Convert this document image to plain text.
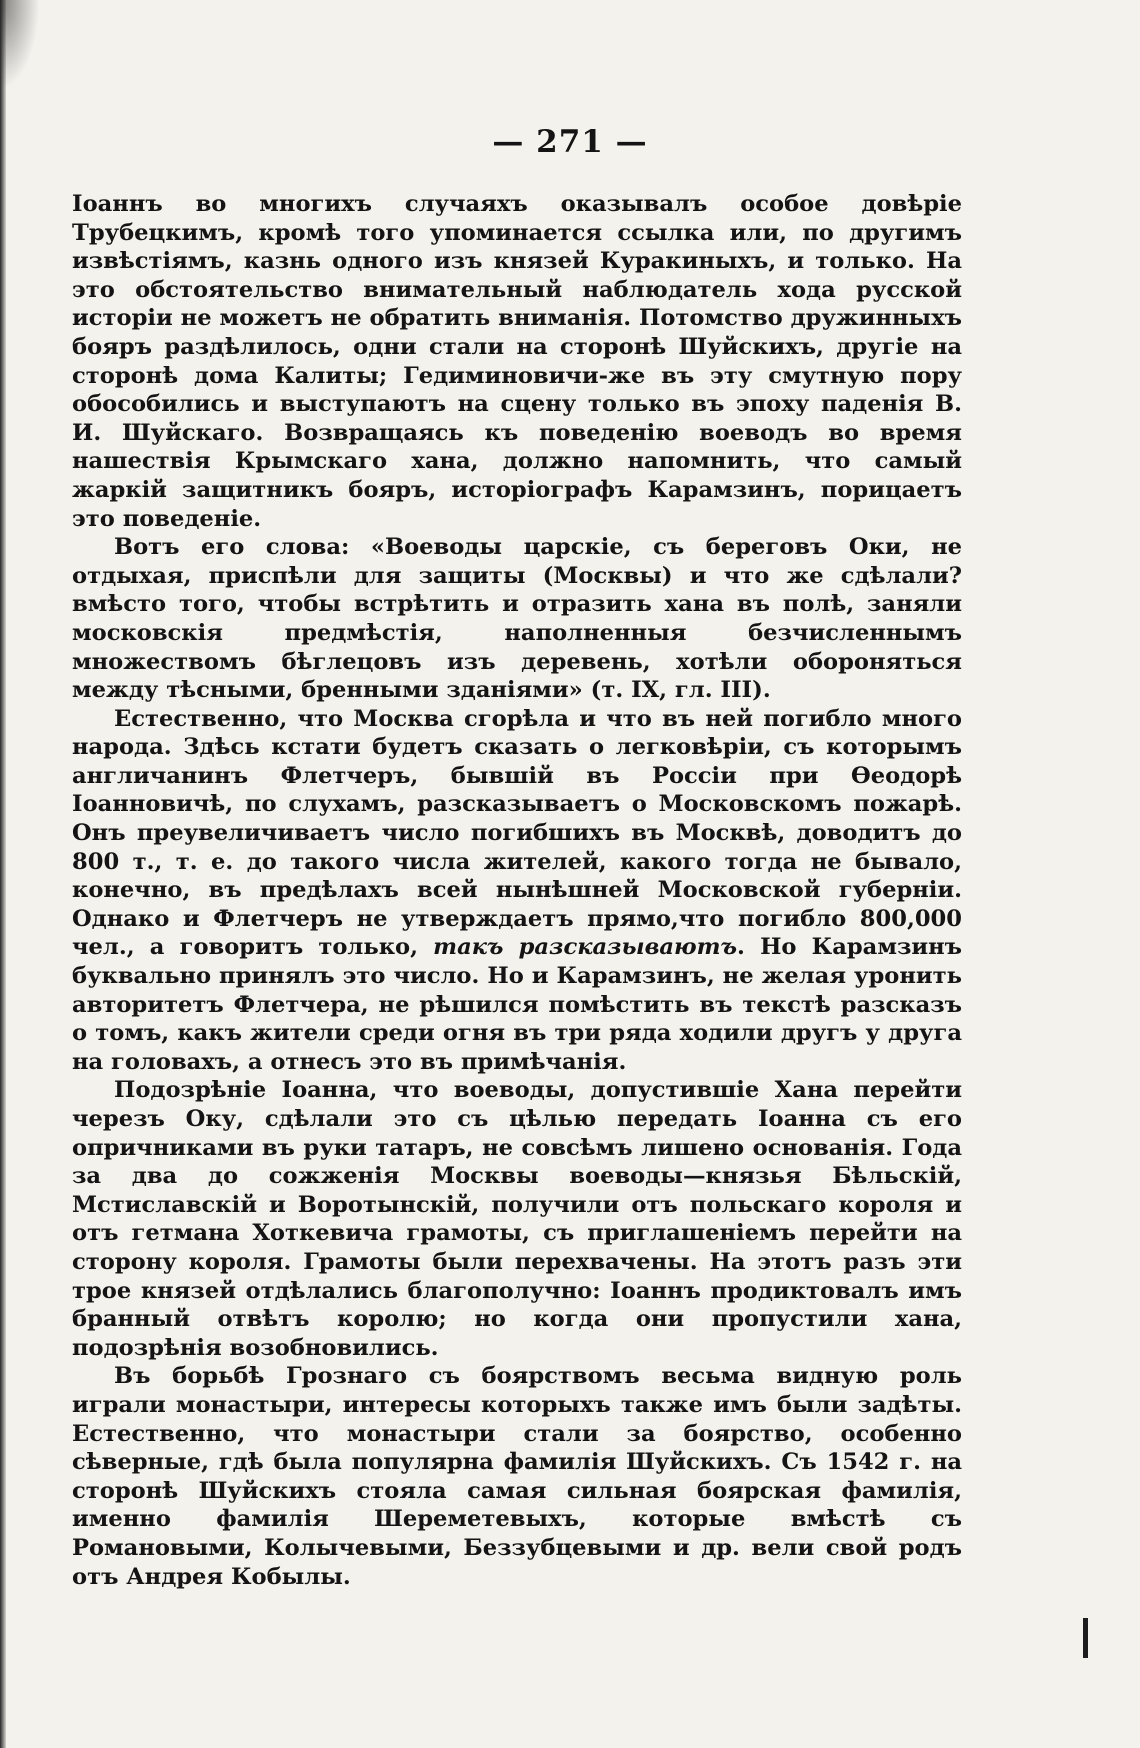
— 271 —

Іоаннъ во многихъ случаяхъ оказывалъ особое довѣріе Трубецкимъ, кромѣ того упоминается ссылка или, по другимъ извѣстіямъ, казнь одного изъ князей Куракиныхъ, и только. На это обстоятельство внимательный наблюдатель хода русской исторіи не можетъ не обратить вниманія. Потомство дружинныхъ бояръ раздѣлилось, одни стали на сторонѣ Шуйскихъ, другіе на сторонѣ дома Калиты; Гедиминовичи-же въ эту смутную пору обособились и выступаютъ на сцену только въ эпоху паденія В. И. Шуйскаго. Возвращаясь къ поведенію воеводъ во время нашествія Крымскаго хана, должно напомнить, что самый жаркій защитникъ бояръ, исторіографъ Карамзинъ, порицаетъ это поведеніе.

Вотъ его слова: «Воеводы царскіе, съ береговъ Оки, не отдыхая, приспѣли для защиты (Москвы) и что же сдѣлали? вмѣсто того, чтобы встрѣтить и отразить хана въ полѣ, заняли московскія предмѣстія, наполненныя безчисленнымъ множествомъ бѣглецовъ изъ деревень, хотѣли обороняться между тѣсными, бренными зданіями» (т. IX, гл. III).

Естественно, что Москва сгорѣла и что въ ней погибло много народа. Здѣсь кстати будетъ сказать о легковѣріи, съ которымъ англичанинъ Флетчеръ, бывшій въ Россіи при Ѳеодорѣ Іоанновичѣ, по слухамъ, разсказываетъ о Московскомъ пожарѣ. Онъ преувеличиваетъ число погибшихъ въ Москвѣ, доводитъ до 800 т., т. е. до такого числа жителей, какого тогда не бывало, конечно, въ предѣлахъ всей нынѣшней Московской губерніи. Однако и Флетчеръ не утверждаетъ прямо,что погибло 800,000 чел., а говоритъ только, такъ разсказываютъ. Но Карамзинъ буквально принялъ это число. Но и Карамзинъ, не желая уронить авторитетъ Флетчера, не рѣшился помѣстить въ текстѣ разсказъ о томъ, какъ жители среди огня въ три ряда ходили другъ у друга на головахъ, а отнесъ это въ примѣчанія.

Подозрѣніе Іоанна, что воеводы, допустившіе Хана перейти черезъ Оку, сдѣлали это съ цѣлью передать Іоанна съ его опричниками въ руки татаръ, не совсѣмъ лишено основанія. Года за два до сожженія Москвы воеводы—князья Бѣльскій, Мстиславскій и Воротынскій, получили отъ польскаго короля и отъ гетмана Хоткевича грамоты, съ приглашеніемъ перейти на сторону короля. Грамоты были перехвачены. На этотъ разъ эти трое князей отдѣлались благополучно: Іоаннъ продиктовалъ имъ бранный отвѣтъ королю; но когда они пропустили хана, подозрѣнія возобновились.

Въ борьбѣ Грознаго съ боярствомъ весьма видную роль играли монастыри, интересы которыхъ также имъ были задѣты. Естественно, что монастыри стали за боярство, особенно сѣверные, гдѣ была популярна фамилія Шуйскихъ. Съ 1542 г. на сторонѣ Шуйскихъ стояла самая сильная боярская фамилія, именно фамилія Шереметевыхъ, которые вмѣстѣ съ Романовыми, Колычевыми, Беззубцевыми и др. вели свой родъ отъ Андрея Кобылы.
